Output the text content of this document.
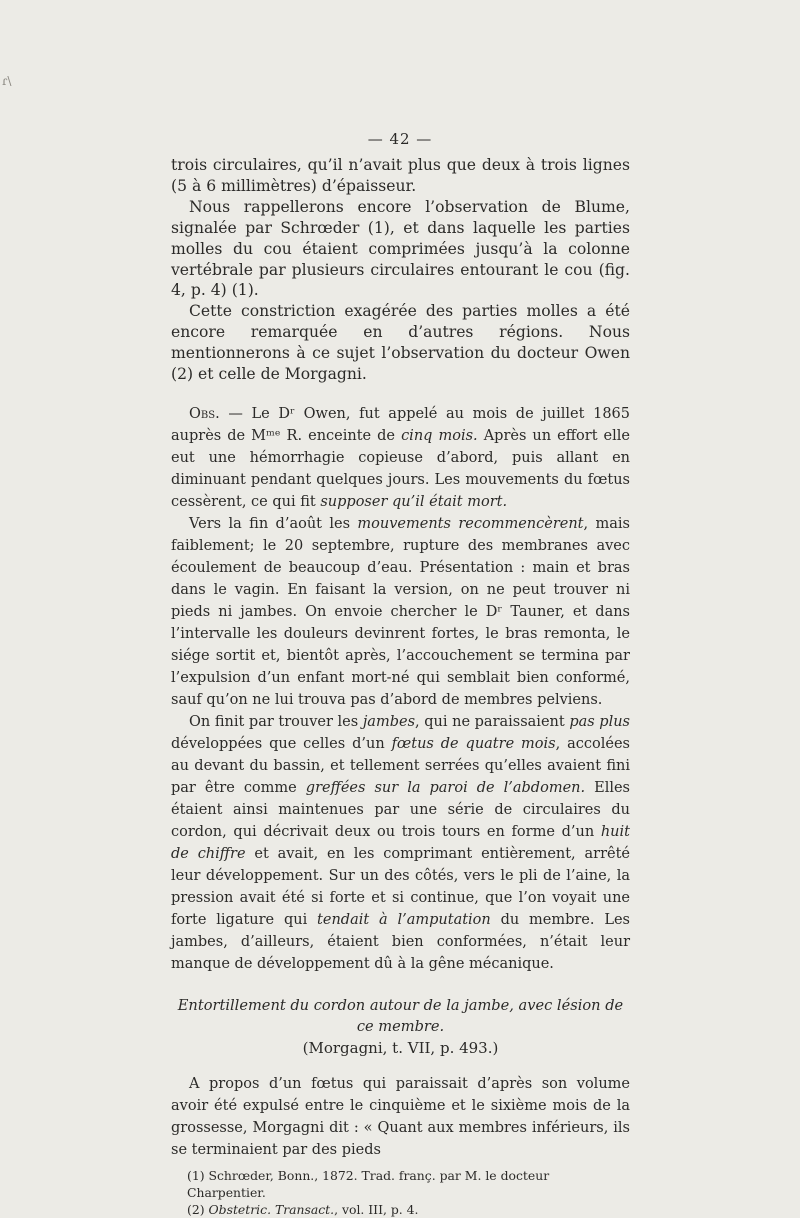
ɾ\
— 42 —

trois circulaires, qu’il n’avait plus que deux à trois lignes (5 à 6 millimètres) d’épaisseur.

Nous rappellerons encore l’observation de Blume, signalée par Schrœder (1), et dans laquelle les parties molles du cou étaient comprimées jusqu’à la colonne vertébrale par plusieurs circulaires entourant le cou (fig. 4, p. 4) (1).

Cette constriction exagérée des parties molles a été encore remarquée en d’autres régions. Nous mentionnerons à ce sujet l’observation du docteur Owen (2) et celle de Morgagni.

Obs. — Le Dʳ Owen, fut appelé au mois de juillet 1865 auprès de Mᵐᵉ R. enceinte de cinq mois. Après un effort elle eut une hémorrhagie copieuse d’abord, puis allant en diminuant pendant quelques jours. Les mouvements du fœtus cessèrent, ce qui fit supposer qu’il était mort.

Vers la fin d’août les mouvements recommencèrent, mais faiblement; le 20 septembre, rupture des membranes avec écoulement de beaucoup d’eau. Présentation : main et bras dans le vagin. En faisant la version, on ne peut trouver ni pieds ni jambes. On envoie chercher le Dʳ Tauner, et dans l’intervalle les douleurs devinrent fortes, le bras remonta, le siége sortit et, bientôt après, l’accouchement se termina par l’expulsion d’un enfant mort-né qui semblait bien conformé, sauf qu’on ne lui trouva pas d’abord de membres pelviens.

On finit par trouver les jambes, qui ne paraissaient pas plus développées que celles d’un fœtus de quatre mois, accolées au devant du bassin, et tellement serrées qu’elles avaient fini par être comme greffées sur la paroi de l’abdomen. Elles étaient ainsi maintenues par une série de circulaires du cordon, qui décrivait deux ou trois tours en forme d’un huit de chiffre et avait, en les comprimant entièrement, arrêté leur développement. Sur un des côtés, vers le pli de l’aine, la pression avait été si forte et si continue, que l’on voyait une forte ligature qui tendait à l’amputation du membre. Les jambes, d’ailleurs, étaient bien conformées, n’était leur manque de développement dû à la gêne mécanique.

Entortillement du cordon autour de la jambe, avec lésion de ce membre.

(Morgagni, t. VII, p. 493.)

A propos d’un fœtus qui paraissait d’après son volume avoir été expulsé entre le cinquième et le sixième mois de la grossesse, Morgagni dit : « Quant aux membres inférieurs, ils se terminaient par des pieds

(1) Schrœder, Bonn., 1872. Trad. franç. par M. le docteur Charpentier.

(2) Obstetric. Transact., vol. III, p. 4.
